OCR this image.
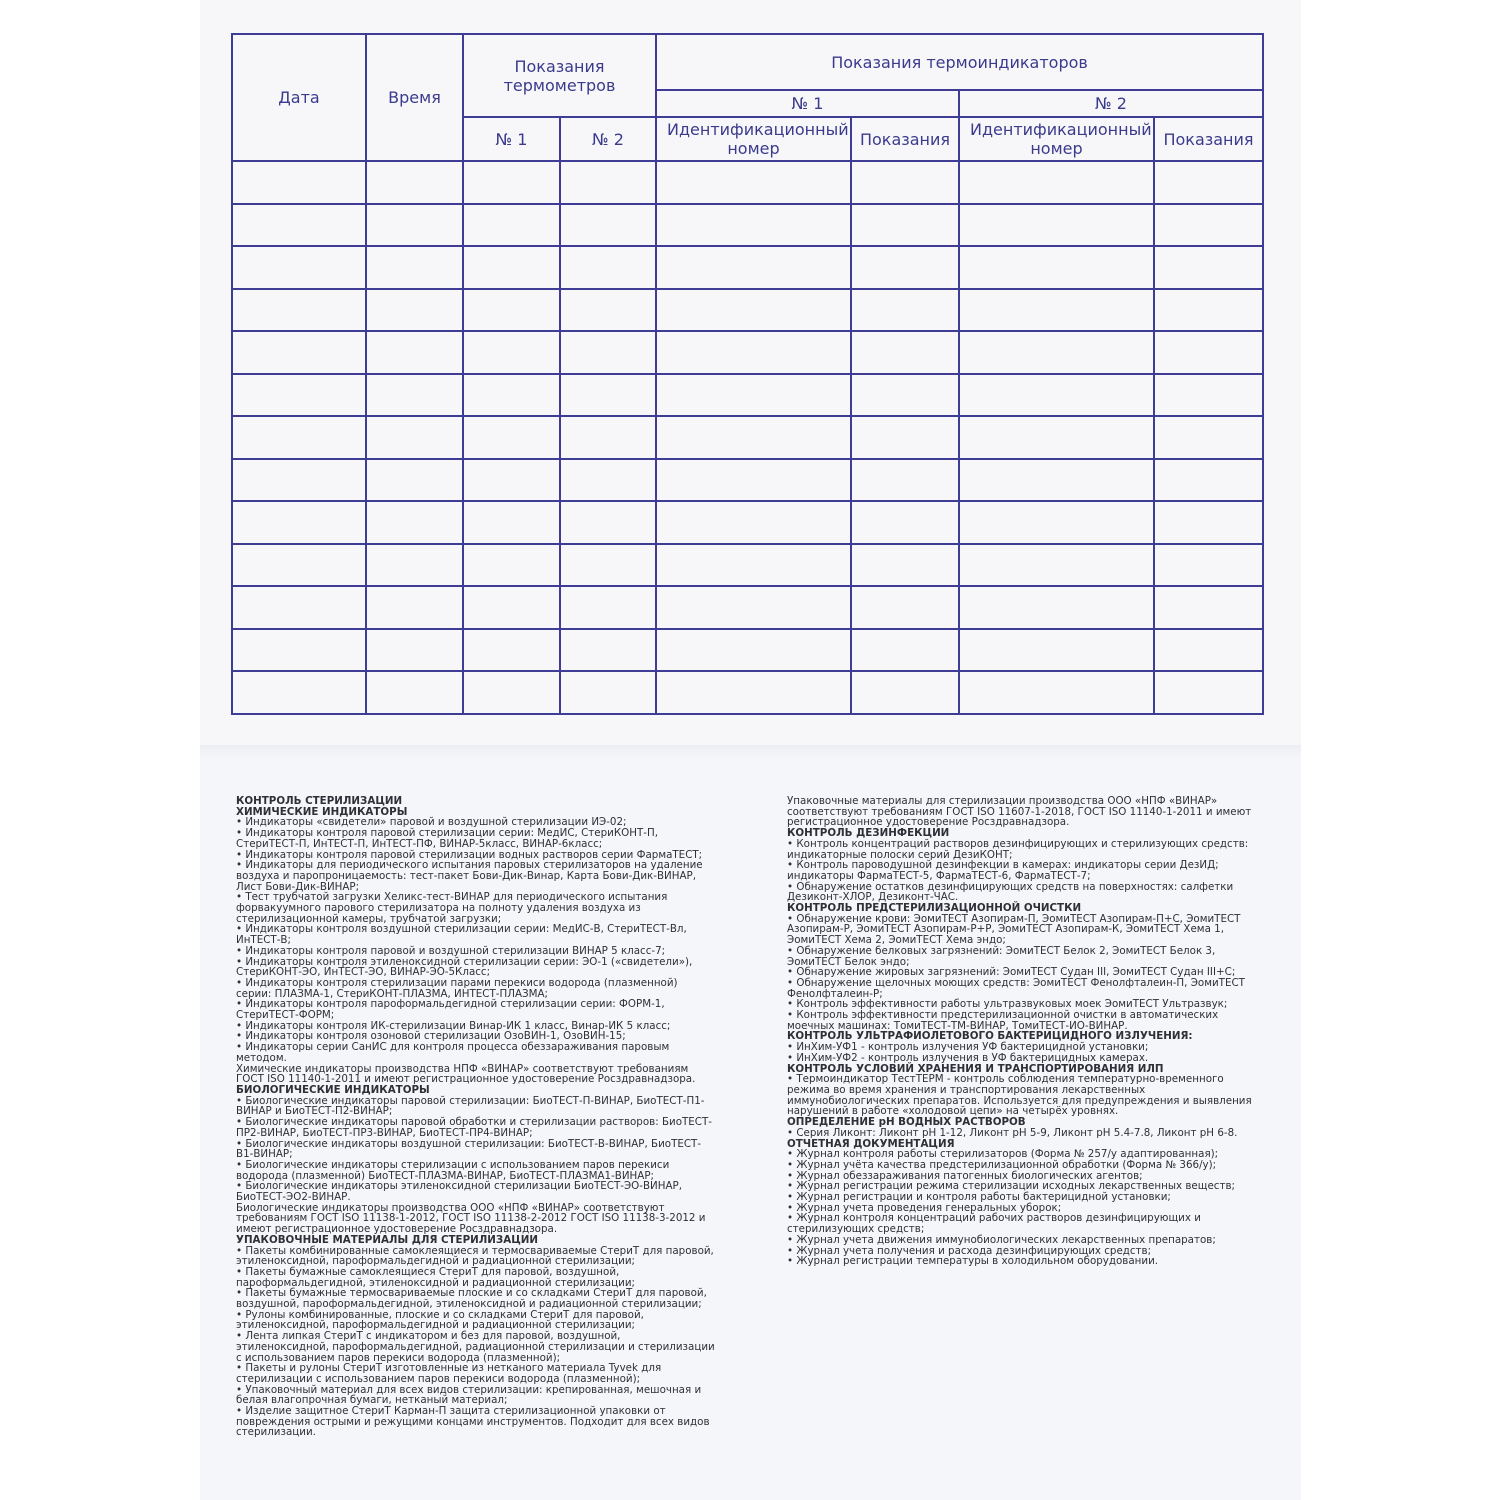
Дата	Время	Показания термометров		Показания термоиндикаторов			
				№ 1		№ 2	
		№ 1	№ 2	Идентификационный номер	Показания	Идентификационный номер	Показания

КОНТРОЛЬ СТЕРИЛИЗАЦИИ
ХИМИЧЕСКИЕ ИНДИКАТОРЫ
• Индикаторы «свидетели» паровой и воздушной стерилизации ИЭ-02;
• Индикаторы контроля паровой стерилизации серии: МедИС, СтериКОНТ-П, СтериТЕСТ-П, ИнТЕСТ-П, ИнТЕСТ-ПФ, ВИНАР-5класс, ВИНАР-6класс;
• Индикаторы контроля паровой стерилизации водных растворов серии ФармаТЕСТ;
• Индикаторы для периодического испытания паровых стерилизаторов на удаление воздуха и паропроницаемость: тест-пакет Бови-Дик-Винар, Карта Бови-Дик-ВИНАР, Лист Бови-Дик-ВИНАР;
• Тест трубчатой загрузки Хеликс-тест-ВИНАР для периодического испытания форвакуумного парового стерилизатора на полноту удаления воздуха из стерилизационной камеры, трубчатой загрузки;
• Индикаторы контроля воздушной стерилизации серии: МедИС-В, СтериТЕСТ-Вл, ИнТЕСТ-В;
• Индикаторы контроля паровой и воздушной стерилизации ВИНАР 5 класс-7;
• Индикаторы контроля этиленоксидной стерилизации серии: ЭО-1 («свидетели»), СтериКОНТ-ЭО, ИнТЕСТ-ЭО, ВИНАР-ЭО-5Класс;
• Индикаторы контроля стерилизации парами перекиси водорода (плазменной) серии: ПЛАЗМА-1, СтериКОНТ-ПЛАЗМА, ИНТЕСТ-ПЛАЗМА;
• Индикаторы контроля пароформальдегидной стерилизации серии: ФОРМ-1, СтериТЕСТ-ФОРМ;
• Индикаторы контроля ИК-стерилизации Винар-ИК 1 класс, Винар-ИК 5 класс;
• Индикаторы контроля озоновой стерилизации ОзоВИН-1, ОзоВИН-15;
• Индикаторы серии СанИС для контроля процесса обеззараживания паровым методом.
Химические индикаторы производства НПФ «ВИНАР» соответствуют требованиям ГОСТ ISO 11140-1-2011 и имеют регистрационное удостоверение Росздравнадзора.
БИОЛОГИЧЕСКИЕ ИНДИКАТОРЫ
• Биологические индикаторы паровой стерилизации: БиоТЕСТ-П-ВИНАР, БиоТЕСТ-П1-ВИНАР и БиоТЕСТ-П2-ВИНАР;
• Биологические индикаторы паровой обработки и стерилизации растворов: БиоТЕСТ-ПР2-ВИНАР, БиоТЕСТ-ПР3-ВИНАР, БиоТЕСТ-ПР4-ВИНАР;
• Биологические индикаторы воздушной стерилизации: БиоТЕСТ-В-ВИНАР, БиоТЕСТ-В1-ВИНАР;
• Биологические индикаторы стерилизации с использованием паров перекиси водорода (плазменной) БиоТЕСТ-ПЛАЗМА-ВИНАР, БиоТЕСТ-ПЛАЗМА1-ВИНАР;
• Биологические индикаторы этиленоксидной стерилизации БиоТЕСТ-ЭО-ВИНАР, БиоТЕСТ-ЭО2-ВИНАР.
Биологические индикаторы производства ООО «НПФ «ВИНАР» соответствуют требованиям ГОСТ ISO 11138-1-2012, ГОСТ ISO 11138-2-2012 ГОСТ ISO 11138-3-2012 и имеют регистрационное удостоверение Росздравнадзора.
УПАКОВОЧНЫЕ МАТЕРИАЛЫ ДЛЯ СТЕРИЛИЗАЦИИ
• Пакеты комбинированные самоклеящиеся и термосвариваемые СтериТ для паровой, этиленоксидной, пароформальдегидной и радиационной стерилизации;
• Пакеты бумажные самоклеящиеся СтериТ для паровой, воздушной, пароформальдегидной, этиленоксидной и радиационной стерилизации;
• Пакеты бумажные термосвариваемые плоские и со складками СтериТ для паровой, воздушной, пароформальдегидной, этиленоксидной и радиационной стерилизации;
• Рулоны комбинированные, плоские и со складками СтериТ для паровой, этиленоксидной, пароформальдегидной и радиационной стерилизации;
• Лента липкая СтериТ с индикатором и без для паровой, воздушной, этиленоксидной, пароформальдегидной, радиационной стерилизации и стерилизации с использованием паров перекиси водорода (плазменной);
• Пакеты и рулоны СтериТ изготовленные из нетканого материала Tyvek для стерилизации с использованием паров перекиси водорода (плазменной);
• Упаковочный материал для всех видов стерилизации: крепированная, мешочная и белая влагопрочная бумаги, нетканый материал;
• Изделие защитное СтериТ Карман-П защита стерилизационной упаковки от повреждения острыми и режущими концами инструментов. Подходит для всех видов стерилизации.
Упаковочные материалы для стерилизации производства ООО «НПФ «ВИНАР» соответствуют требованиям ГОСТ ISO 11607-1-2018, ГОСТ ISO 11140-1-2011 и имеют регистрационное удостоверение Росздравнадзора.
КОНТРОЛЬ ДЕЗИНФЕКЦИИ
• Контроль концентраций растворов дезинфицирующих и стерилизующих средств: индикаторные полоски серий ДезиКОНТ;
• Контроль пароводушной дезинфекции в камерах: индикаторы серии ДезИД; индикаторы ФармаТЕСТ-5, ФармаТЕСТ-6, ФармаТЕСТ-7;
• Обнаружение остатков дезинфицирующих средств на поверхностях: салфетки Дезиконт-ХЛОР, Дезиконт-ЧАС.
КОНТРОЛЬ ПРЕДСТЕРИЛИЗАЦИОННОЙ ОЧИСТКИ
• Обнаружение крови: ЭомиТЕСТ Азопирам-П, ЭомиТЕСТ Азопирам-П+С, ЭомиТЕСТ Азопирам-Р, ЭомиТЕСТ Азопирам-Р+Р, ЭомиТЕСТ Азопирам-К, ЭомиТЕСТ Хема 1, ЭомиТЕСТ Хема 2, ЭомиТЕСТ Хема эндо;
• Обнаружение белковых загрязнений: ЭомиТЕСТ Белок 2, ЭомиТЕСТ Белок 3, ЭомиТЕСТ Белок эндо;
• Обнаружение жировых загрязнений: ЭомиТЕСТ Судан III, ЭомиТЕСТ Судан III+С;
• Обнаружение щелочных моющих средств: ЭомиТЕСТ Фенолфталеин-П, ЭомиТЕСТ Фенолфталеин-Р;
• Контроль эффективности работы ультразвуковых моек ЭомиТЕСТ Ультразвук;
• Контроль эффективности предстерилизационной очистки в автоматических моечных машинах: ТомиТЕСТ-ТМ-ВИНАР, ТомиТЕСТ-ИО-ВИНАР.
КОНТРОЛЬ УЛЬТРАФИОЛЕТОВОГО БАКТЕРИЦИДНОГО ИЗЛУЧЕНИЯ:
• ИнХим-УФ1 - контроль излучения УФ бактерицидной установки;
• ИнХим-УФ2 - контроль излучения в УФ бактерицидных камерах.
КОНТРОЛЬ УСЛОВИЙ ХРАНЕНИЯ И ТРАНСПОРТИРОВАНИЯ ИЛП
• Термоиндикатор ТестТЕРМ - контроль соблюдения температурно-временного режима во время хранения и транспортирования лекарственных иммунобиологических препаратов. Используется для предупреждения и выявления нарушений в работе «холодовой цепи» на четырёх уровнях.
ОПРЕДЕЛЕНИЕ pH ВОДНЫХ РАСТВОРОВ
• Серия Ликонт: Ликонт pH 1-12, Ликонт pH 5-9, Ликонт pH 5.4-7.8, Ликонт pH 6-8.
ОТЧЕТНАЯ ДОКУМЕНТАЦИЯ
• Журнал контроля работы стерилизаторов (Форма № 257/у адаптированная);
• Журнал учёта качества предстерилизационной обработки (Форма № 366/у);
• Журнал обеззараживания патогенных биологических агентов;
• Журнал регистрации режима стерилизации исходных лекарственных веществ;
• Журнал регистрации и контроля работы бактерицидной установки;
• Журнал учета проведения генеральных уборок;
• Журнал контроля концентраций рабочих растворов дезинфицирующих и стерилизующих средств;
• Журнал учета движения иммунобиологических лекарственных препаратов;
• Журнал учета получения и расхода дезинфицирующих средств;
• Журнал регистрации температуры в холодильном оборудовании.
